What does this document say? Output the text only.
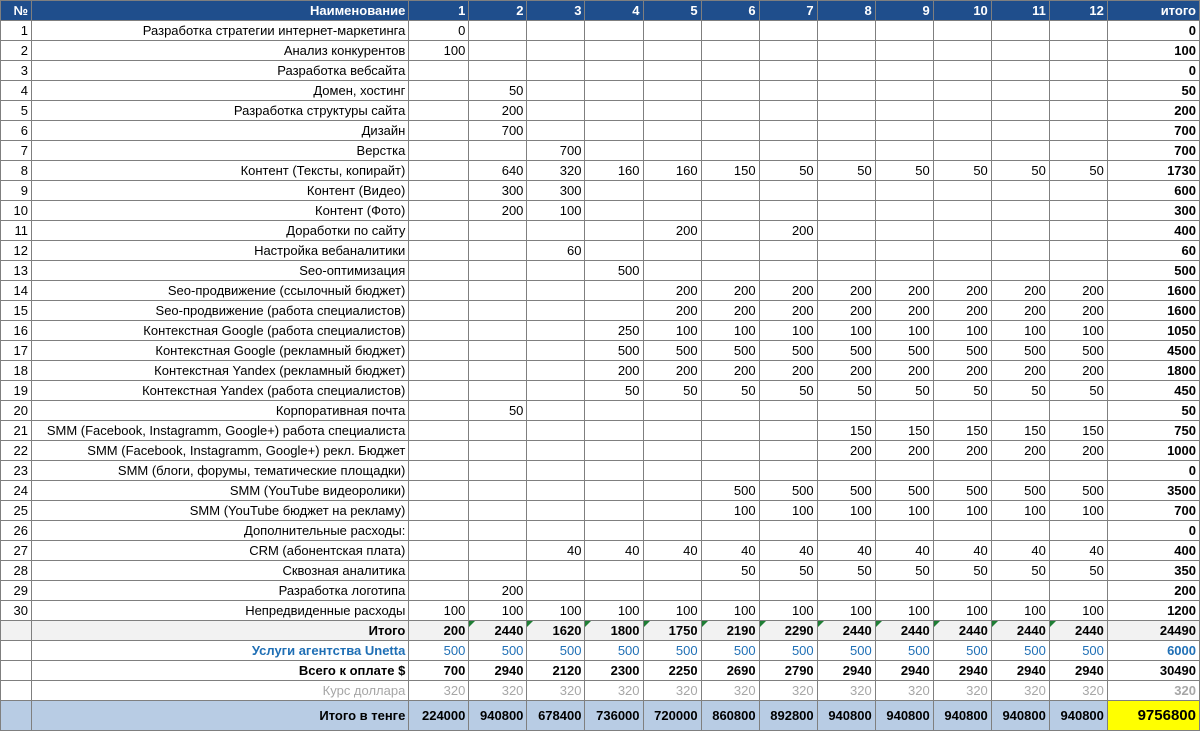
№	Наименование	1	2	3	4	5	6	7	8	9	10	11	12	итого
1	Разработка стратегии интернет-маркетинга	0												0
2	Анализ конкурентов	100												100
3	Разработка вебсайта													0
4	Домен, хостинг		50											50
5	Разработка структуры сайта		200											200
6	Дизайн		700											700
7	Верстка			700										700
8	Контент (Тексты, копирайт)		640	320	160	160	150	50	50	50	50	50	50	1730
9	Контент (Видео)		300	300										600
10	Контент (Фото)		200	100										300
11	Доработки по сайту					200		200						400
12	Настройка вебаналитики			60										60
13	Seo-оптимизация				500									500
14	Seo-продвижение (ссылочный бюджет)					200	200	200	200	200	200	200	200	1600
15	Seo-продвижение (работа специалистов)					200	200	200	200	200	200	200	200	1600
16	Контекстная Google (работа специалистов)				250	100	100	100	100	100	100	100	100	1050
17	Контекстная Google (рекламный бюджет)				500	500	500	500	500	500	500	500	500	4500
18	Контекстная Yandex (рекламный бюджет)				200	200	200	200	200	200	200	200	200	1800
19	Контекстная Yandex (работа специалистов)				50	50	50	50	50	50	50	50	50	450
20	Корпоративная почта		50											50
21	SMM (Facebook, Instagramm, Google+) работа специалиста								150	150	150	150	150	750
22	SMM (Facebook, Instagramm, Google+) рекл. Бюджет								200	200	200	200	200	1000
23	SMM (блоги, форумы, тематические площадки)													0
24	SMM (YouTube видеоролики)						500	500	500	500	500	500	500	3500
25	SMM (YouTube бюджет на рекламу)						100	100	100	100	100	100	100	700
26	Дополнительные расходы:													0
27	CRM (абонентская плата)			40	40	40	40	40	40	40	40	40	40	400
28	Сквозная аналитика						50	50	50	50	50	50	50	350
29	Разработка логотипа		200											200
30	Непредвиденные расходы	100	100	100	100	100	100	100	100	100	100	100	100	1200
	Итого	200	2440	1620	1800	1750	2190	2290	2440	2440	2440	2440	2440	24490
	Услуги агентства Unetta	500	500	500	500	500	500	500	500	500	500	500	500	6000
	Всего к оплате $	700	2940	2120	2300	2250	2690	2790	2940	2940	2940	2940	2940	30490
	Курс доллара	320	320	320	320	320	320	320	320	320	320	320	320	320
	Итого в тенге	224000	940800	678400	736000	720000	860800	892800	940800	940800	940800	940800	940800	9756800
